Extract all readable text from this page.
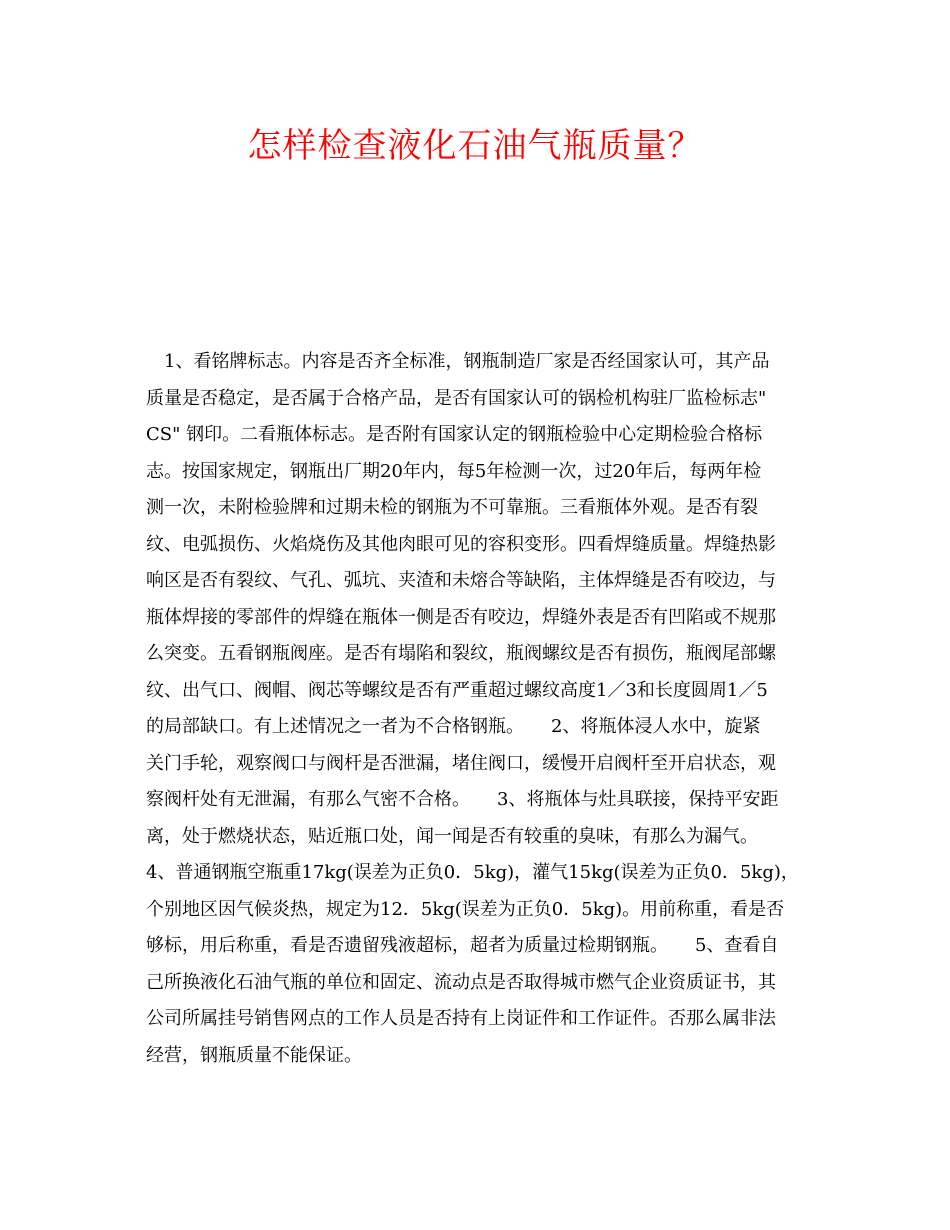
怎样检查液化石油气瓶质量？
　1、看铭牌标志。内容是否齐全标准，钢瓶制造厂家是否经国家认可，其产品
质量是否稳定，是否属于合格产品，是否有国家认可的锅检机构驻厂监检标志"
CS" 钢印。二看瓶体标志。是否附有国家认定的钢瓶检验中心定期检验合格标
志。按国家规定，钢瓶出厂期20年内，每5年检测一次，过20年后，每两年检
测一次，未附检验牌和过期未检的钢瓶为不可靠瓶。三看瓶体外观。是否有裂
纹、电弧损伤、火焰烧伤及其他肉眼可见的容积变形。四看焊缝质量。焊缝热影
响区是否有裂纹、气孔、弧坑、夹渣和未熔合等缺陷，主体焊缝是否有咬边，与
瓶体焊接的零部件的焊缝在瓶体一侧是否有咬边，焊缝外表是否有凹陷或不规那
么突变。五看钢瓶阀座。是否有塌陷和裂纹，瓶阀螺纹是否有损伤，瓶阀尾部螺
纹、出气口、阀帽、阀芯等螺纹是否有严重超过螺纹高度1／3和长度圆周1／5
的局部缺口。有上述情况之一者为不合格钢瓶。　　2、将瓶体浸人水中，旋紧
关门手轮，观察阀口与阀杆是否泄漏，堵住阀口，缓慢开启阀杆至开启状态，观
察阀杆处有无泄漏，有那么气密不合格。　　3、将瓶体与灶具联接，保持平安距
离，处于燃烧状态，贴近瓶口处，闻一闻是否有较重的臭味，有那么为漏气。
4、普通钢瓶空瓶重17kg(误差为正负0．5kg)，灌气15kg(误差为正负0．5kg)，
个别地区因气候炎热，规定为12．5kg(误差为正负0．5kg)。用前称重，看是否
够标，用后称重，看是否遗留残液超标，超者为质量过检期钢瓶。　　5、查看自
己所换液化石油气瓶的单位和固定、流动点是否取得城市燃气企业资质证书，其
公司所属挂号销售网点的工作人员是否持有上岗证件和工作证件。否那么属非法
经营，钢瓶质量不能保证。
